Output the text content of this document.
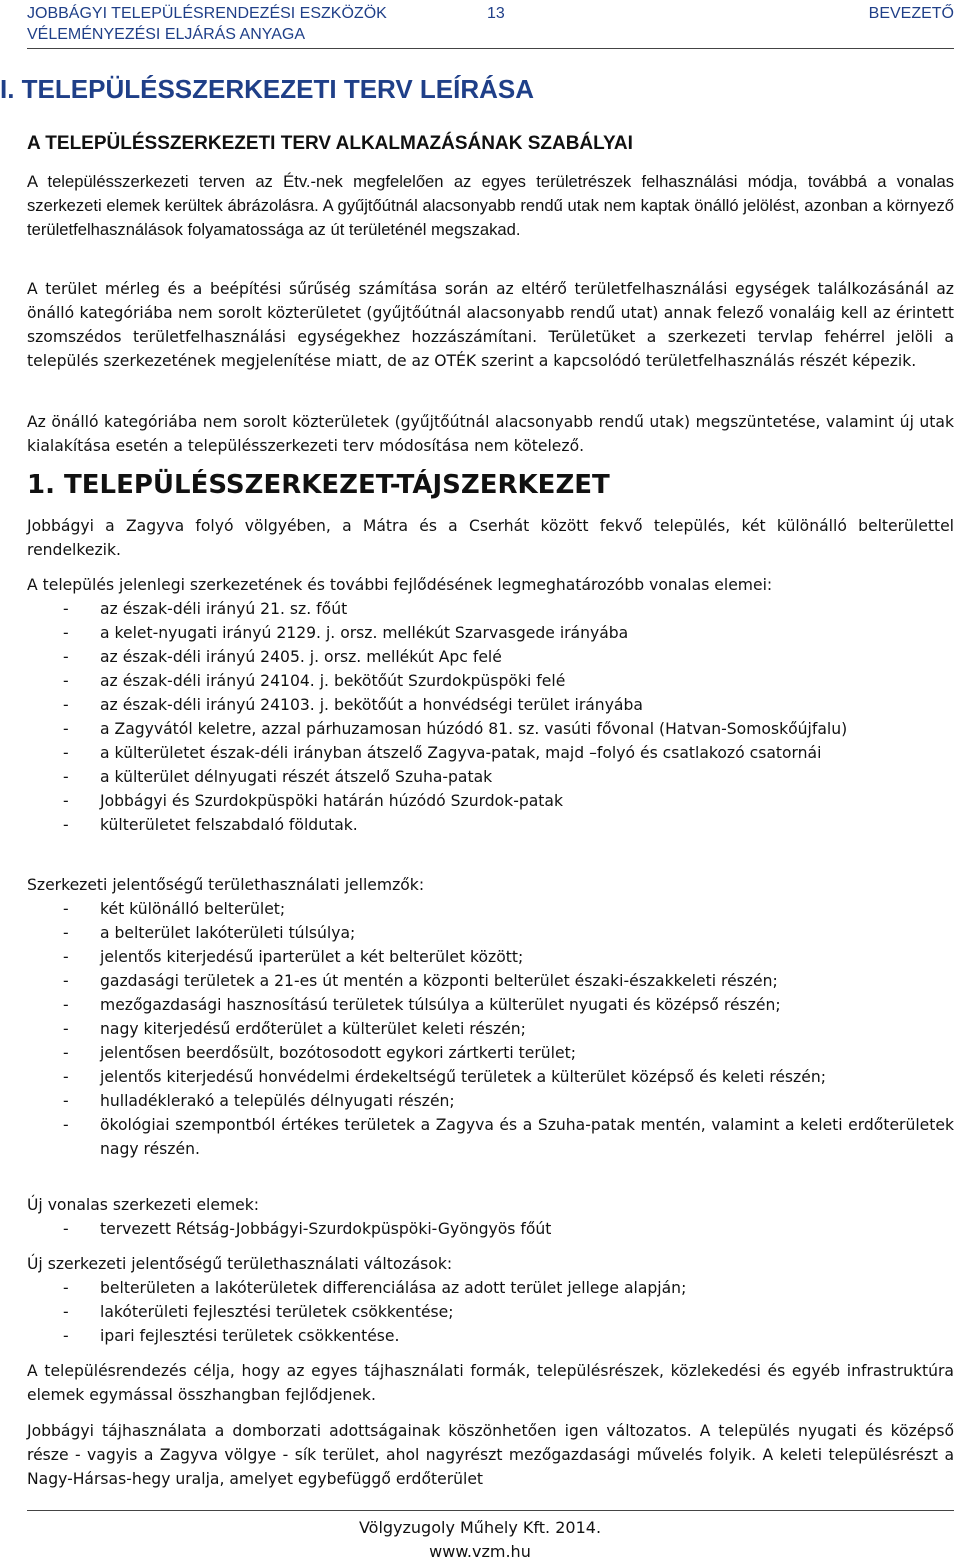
JOBBÁGYI TELEPÜLÉSRENDEZÉSI ESZKÖZÖK
VÉLEMÉNYEZÉSI ELJÁRÁS ANYAGA
13	BEVEZETŐ
I. TELEPÜLÉSSZERKEZETI TERV LEÍRÁSA
A TELEPÜLÉSSZERKEZETI TERV ALKALMAZÁSÁNAK SZABÁLYAI

A településszerkezeti terven az Étv.-nek megfelelően az egyes területrészek felhasználási módja, továbbá a vonalas szerkezeti elemek kerültek ábrázolásra. A gyűjtőútnál alacsonyabb rendű utak nem kaptak önálló jelölést, azonban a környező területfelhasználások folyamatossága az út területénél megszakad.

A terület mérleg és a beépítési sűrűség számítása során az eltérő területfelhasználási egységek találkozásánál az önálló kategóriába nem sorolt közterületet (gyűjtőútnál alacsonyabb rendű utat) annak felező vonaláig kell az érintett szomszédos területfelhasználási egységekhez hozzászámítani. Területüket a szerkezeti tervlap fehérrel jelöli a település szerkezetének megjelenítése miatt, de az OTÉK szerint a kapcsolódó területfelhasználás részét képezik.

Az önálló kategóriába nem sorolt közterületek (gyűjtőútnál alacsonyabb rendű utak) megszüntetése, valamint új utak kialakítása esetén a településszerkezeti terv módosítása nem kötelező.

1. TELEPÜLÉSSZERKEZET-TÁJSZERKEZET

Jobbágyi a Zagyva folyó völgyében, a Mátra és a Cserhát között fekvő település, két különálló belterülettel rendelkezik.

A település jelenlegi szerkezetének és további fejlődésének legmeghatározóbb vonalas elemei:

- az észak-déli irányú 21. sz. főút
- a kelet-nyugati irányú 2129. j. orsz. mellékút Szarvasgede irányába
- az észak-déli irányú 2405. j. orsz. mellékút Apc felé
- az észak-déli irányú 24104. j. bekötőút Szurdokpüspöki felé
- az észak-déli irányú 24103. j. bekötőút a honvédségi terület irányába
- a Zagyvától keletre, azzal párhuzamosan húzódó 81. sz. vasúti fővonal (Hatvan-Somoskőújfalu)
- a külterületet észak-déli irányban átszelő Zagyva-patak, majd –folyó és csatlakozó csatornái
- a külterület délnyugati részét átszelő Szuha-patak
- Jobbágyi és Szurdokpüspöki határán húzódó Szurdok-patak
- külterületet felszabdaló földutak.

Szerkezeti jelentőségű területhasználati jellemzők:

- két különálló belterület;
- a belterület lakóterületi túlsúlya;
- jelentős kiterjedésű iparterület a két belterület között;
- gazdasági területek a 21-es út mentén a központi belterület északi-északkeleti részén;
- mezőgazdasági hasznosítású területek túlsúlya a külterület nyugati és középső részén;
- nagy kiterjedésű erdőterület a külterület keleti részén;
- jelentősen beerdősült, bozótosodott egykori zártkerti terület;
- jelentős kiterjedésű honvédelmi érdekeltségű területek a külterület középső és keleti részén;
- hulladéklerakó a település délnyugati részén;
- ökológiai szempontból értékes területek a Zagyva és a Szuha-patak mentén, valamint a keleti erdőterületek nagy részén.

Új vonalas szerkezeti elemek:

- tervezett Rétság-Jobbágyi-Szurdokpüspöki-Gyöngyös főút

Új szerkezeti jelentőségű területhasználati változások:

- belterületen a lakóterületek differenciálása az adott terület jellege alapján;
- lakóterületi fejlesztési területek csökkentése;
- ipari fejlesztési területek csökkentése.

A településrendezés célja, hogy az egyes tájhasználati formák, településrészek, közlekedési és egyéb infrastruktúra elemek egymással összhangban fejlődjenek.

Jobbágyi tájhasználata a domborzati adottságainak köszönhetően igen változatos. A település nyugati és középső része - vagyis a Zagyva völgye - sík terület, ahol nagyrészt mezőgazdasági művelés folyik. A keleti településrészt a Nagy-Hársas-hegy uralja, amelyet egybefüggő erdőterület

Völgyzugoly Műhely Kft. 2014.
www.vzm.hu
